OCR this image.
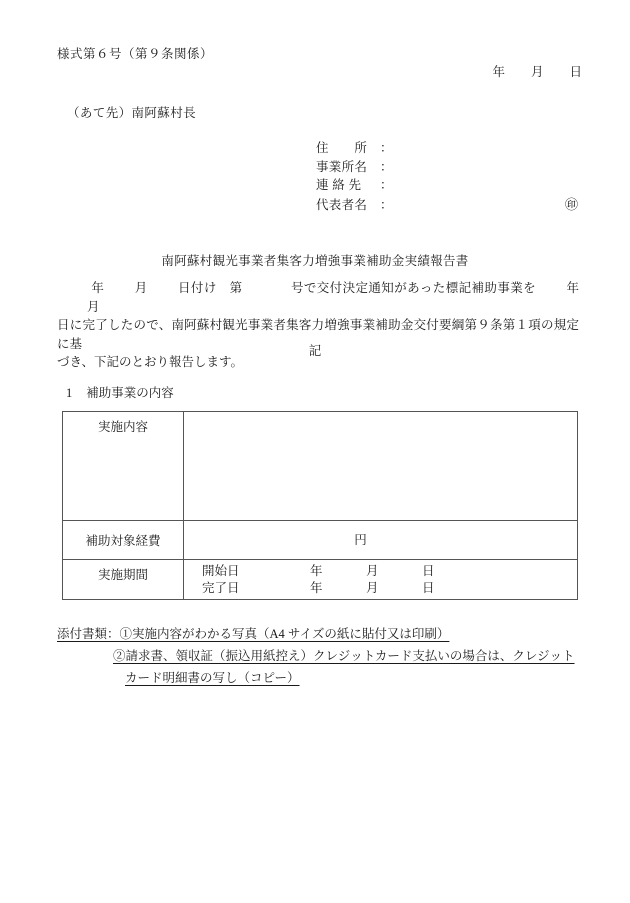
様式第６号（第９条関係）
年 月 日
（あて先）南阿蘇村長
住　　所	：
事業所名	：
連 絡 先	：
代表者名	：	㊞
南阿蘇村観光事業者集客力増強事業補助金実績報告書
年 月 日付け　第	号で交付決定通知があった標記補助事業を 年月
日に完了したので、南阿蘇村観光事業者集客力増強事業補助金交付要綱第９条第１項の規定に基
づき、下記のとおり報告します。
記
1 補助事業の内容
実施内容	
補助対象経費	円

実施期間	開始日	年	月	日
完了日	年	月	日
添付書類：①実施内容がわかる写真（A4 サイズの紙に貼付又は印刷）
②請求書、領収証（振込用紙控え）クレジットカード支払いの場合は、クレジット
カード明細書の写し（コピー）
